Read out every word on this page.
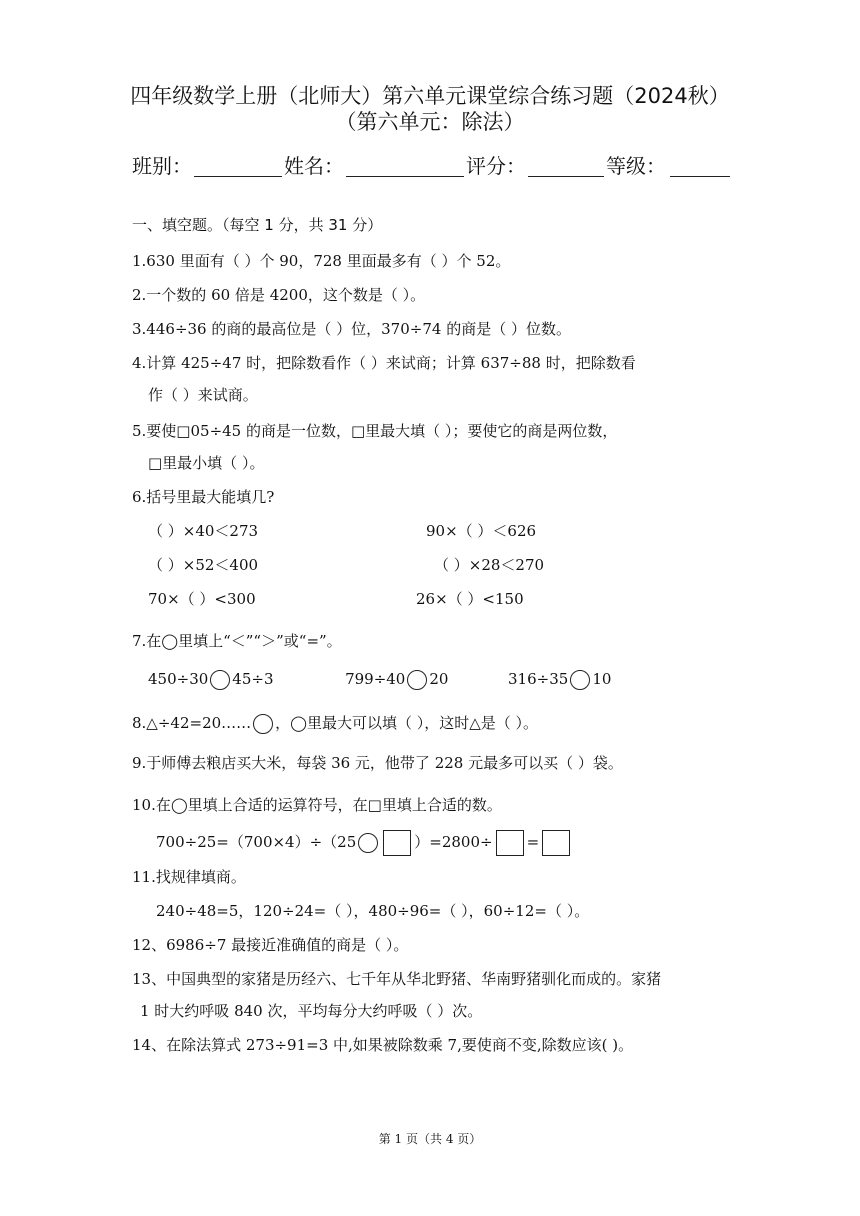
四年级数学上册（北师大）第六单元课堂综合练习题（2024秋）
（第六单元：除法）
班别：	姓名：	评分：	等级：
一、填空题。（每空 1 分，共 31 分）
1.630 里面有（ ）个 90，728 里面最多有（ ）个 52。
2.一个数的 60 倍是 4200，这个数是（ ）。
3.446÷36 的商的最高位是（ ）位，370÷74 的商是（ ）位数。
4.计算 425÷47 时，把除数看作（ ）来试商；计算 637÷88 时，把除数看
作（ ）来试商。
5.要使□05÷45 的商是一位数，□里最大填（ ）；要使它的商是两位数，
□里最小填（ ）。
6.括号里最大能填几?
（ ）×40＜273	90×（ ）＜626
（ ）×52＜400	（ ）×28＜270
70×（ ）<300	26×（ ）<150
7.在◯里填上“＜”“＞”或“=”。
450÷30 45÷3	799÷40 20	316÷35 10
8.△÷42=20…… ，◯里最大可以填（ ），这时△是（ ）。
9.于师傅去粮店买大米，每袋 36 元，他带了 228 元最多可以买（ ）袋。
10.在◯里填上合适的运算符号，在□里填上合适的数。
700÷25=（700×4）÷（25	）=2800÷ =
11.找规律填商。
240÷48=5，120÷24=（ ），480÷96=（ ），60÷12=（ ）。
12、6986÷7 最接近准确值的商是（ ）。
13、中国典型的家猪是历经六、七千年从华北野猪、华南野猪驯化而成的。家猪
1 时大约呼吸 840 次，平均每分大约呼吸（ ）次。
14、在除法算式 273÷91=3 中,如果被除数乘 7,要使商不变,除数应该( )。
第 1 页（共 4 页）
